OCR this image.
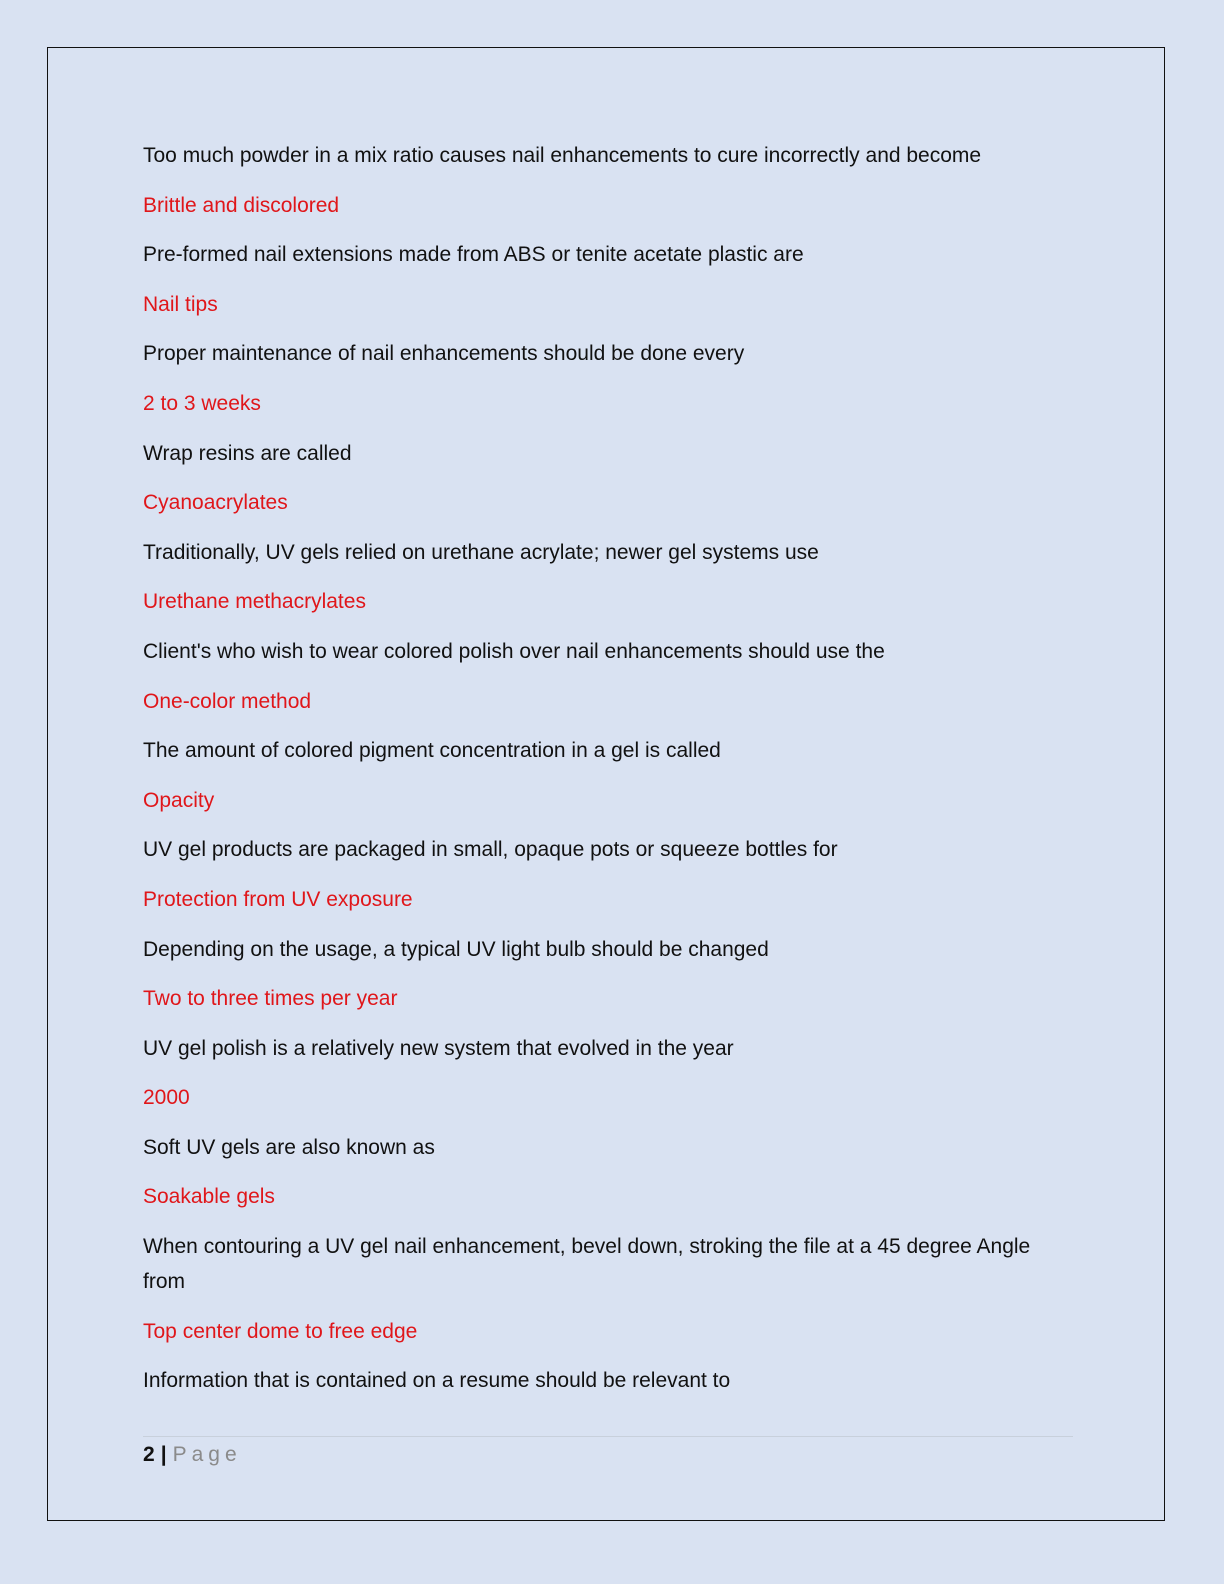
Too much powder in a mix ratio causes nail enhancements to cure incorrectly and become
Brittle and discolored
Pre-formed nail extensions made from ABS or tenite acetate plastic are
Nail tips
Proper maintenance of nail enhancements should be done every
2 to 3 weeks
Wrap resins are called
Cyanoacrylates
Traditionally, UV gels relied on urethane acrylate; newer gel systems use
Urethane methacrylates
Client's who wish to wear colored polish over nail enhancements should use the
One-color method
The amount of colored pigment concentration in a gel is called
Opacity
UV gel products are packaged in small, opaque pots or squeeze bottles for
Protection from UV exposure
Depending on the usage, a typical UV light bulb should be changed
Two to three times per year
UV gel polish is a relatively new system that evolved in the year
2000
Soft UV gels are also known as
Soakable gels
When contouring a UV gel nail enhancement, bevel down, stroking the file at a 45 degree Angle from
Top center dome to free edge
Information that is contained on a resume should be relevant to
2 | Page
